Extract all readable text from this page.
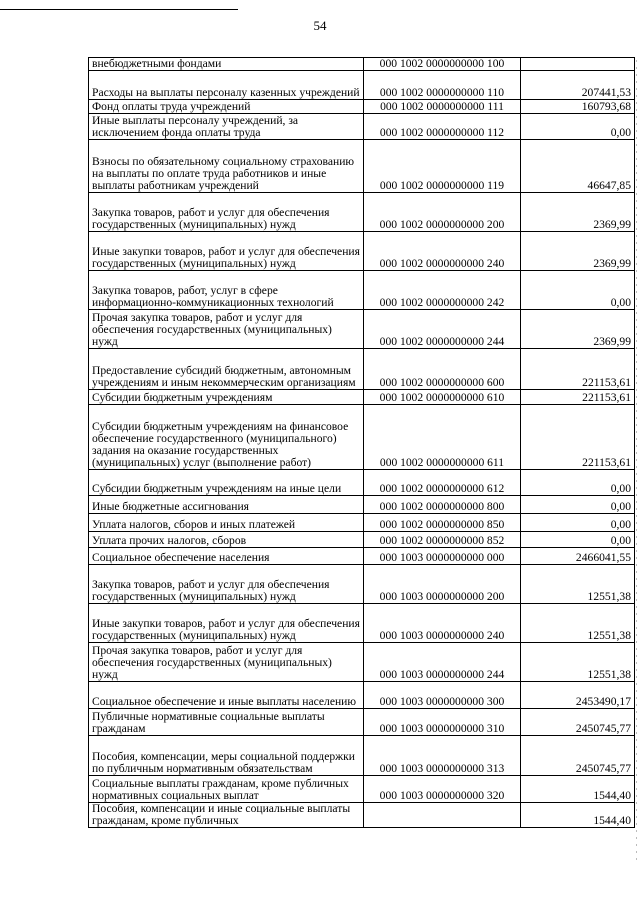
54
внебюджетными фондами	000 1002 0000000000 100	
Расходы на выплаты персоналу казенных учреждений	000 1002 0000000000 110	207441,53
Фонд оплаты труда учреждений	000 1002 0000000000 111	160793,68
Иные выплаты персоналу учреждений, за исключением фонда оплаты труда	000 1002 0000000000 112	0,00
Взносы по обязательному социальному страхованию на выплаты по оплате труда работников и иные выплаты работникам учреждений	000 1002 0000000000 119	46647,85
Закупка товаров, работ и услуг для обеспечения государственных (муниципальных) нужд	000 1002 0000000000 200	2369,99
Иные закупки товаров, работ и услуг для обеспечения государственных (муниципальных) нужд	000 1002 0000000000 240	2369,99
Закупка товаров, работ, услуг в сфере информационно-коммуникационных технологий	000 1002 0000000000 242	0,00
Прочая закупка товаров, работ и услуг для обеспечения государственных (муниципальных) нужд	000 1002 0000000000 244	2369,99
Предоставление субсидий бюджетным, автономным учреждениям и иным некоммерческим организациям	000 1002 0000000000 600	221153,61
Субсидии бюджетным учреждениям	000 1002 0000000000 610	221153,61
Субсидии бюджетным учреждениям на финансовое обеспечение государственного (муниципального) задания на оказание государственных (муниципальных) услуг (выполнение работ)	000 1002 0000000000 611	221153,61
Субсидии бюджетным учреждениям на иные цели	000 1002 0000000000 612	0,00
Иные бюджетные ассигнования	000 1002 0000000000 800	0,00
Уплата налогов, сборов и иных платежей	000 1002 0000000000 850	0,00
Уплата прочих налогов, сборов	000 1002 0000000000 852	0,00
Социальное обеспечение населения	000 1003 0000000000 000	2466041,55
Закупка товаров, работ и услуг для обеспечения государственных (муниципальных) нужд	000 1003 0000000000 200	12551,38
Иные закупки товаров, работ и услуг для обеспечения государственных (муниципальных) нужд	000 1003 0000000000 240	12551,38
Прочая закупка товаров, работ и услуг для обеспечения государственных (муниципальных) нужд	000 1003 0000000000 244	12551,38
Социальное обеспечение и иные выплаты населению	000 1003 0000000000 300	2453490,17
Публичные нормативные социальные выплаты гражданам	000 1003 0000000000 310	2450745,77
Пособия, компенсации, меры социальной поддержки по публичным нормативным обязательствам	000 1003 0000000000 313	2450745,77
Социальные выплаты гражданам, кроме публичных нормативных социальных выплат	000 1003 0000000000 320	1544,40
Пособия, компенсации и иные социальные выплаты гражданам, кроме публичных		1544,40
